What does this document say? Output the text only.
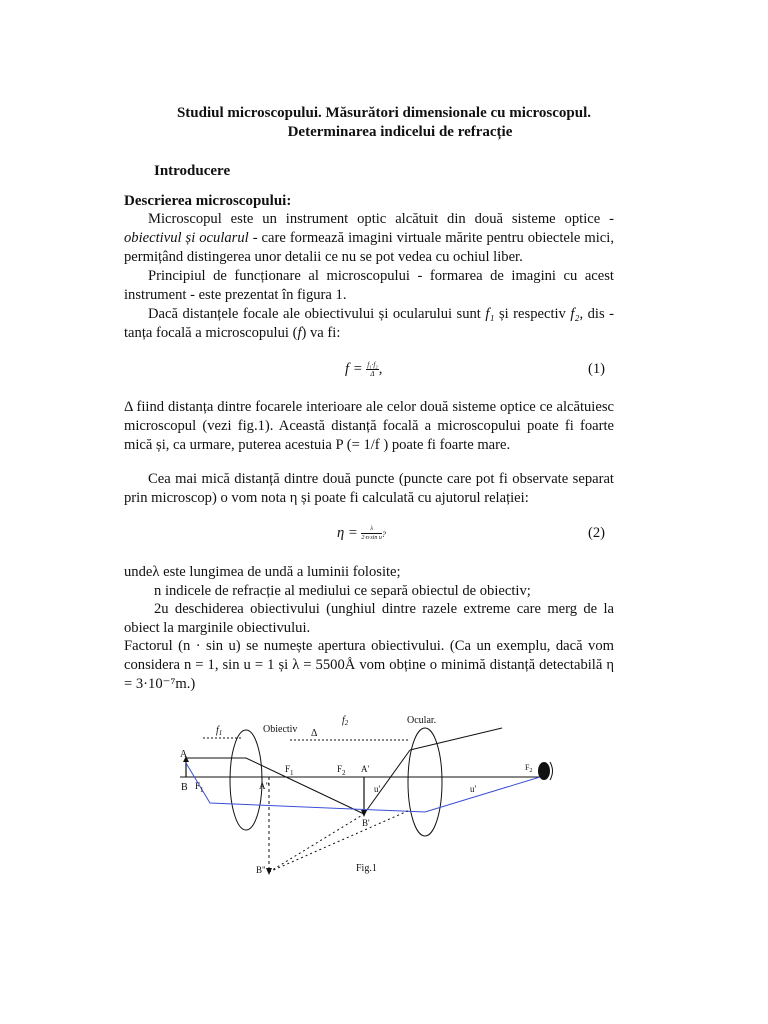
Studiul microscopului. Măsurători dimensionale cu microscopul.
Determinarea indicelui de refracție
Introducere
Descrierea microscopului:
Microscopul este un instrument optic alcătuit din două sisteme optice - obiectivul și ocularul - care formează imagini virtuale mărite pentru obiectele mici, permițând distingerea unor detalii ce nu se pot vedea cu ochiul liber.
Principiul de funcționare al microscopului - formarea de imagini cu acest instrument - este prezentat în figura 1.
Dacă distanțele focale ale obiectivului și ocularului sunt f₁ și respectiv f₂, dis - tanța focală a microscopului (f) va fi:
$f = \frac{\text{f₁·f₂}}{\Delta}$ ,	(1)
Δ fiind distanța dintre focarele interioare ale celor două sisteme optice ce alcătuiesc microscopul (vezi fig.1). Această distanță focală a microscopului poate fi foarte mică și, ca urmare, puterea acestuia P (= 1/f ) poate fi foarte mare.
Cea mai mică distanță dintre două puncte (puncte care pot fi observate separat prin microscop) o vom nota η și poate fi calculată cu ajutorul relației:
$\eta = \frac{\lambda}{\text{2·n·sin u}}$ ?	(2)
undeλ este lungimea de undă a luminii folosite;
n indicele de refracție al mediului ce separă obiectul de obiectiv;
2u deschiderea obiectivului (unghiul dintre razele extreme care merg de la obiect la marginile obiectivului.
Factorul (n · sin u) se numește apertura obiectivului. (Ca un exemplu, dacă vom considera n = 1, sin u = 1 și λ = 5500Å vom obține o minimă distanță detectabilă η = 3·10⁻⁷m.)
Obiectiv
Ocular.
$f_1$
$f_2$
Δ
A
B $F_1$	A"
$F_1$	$F_2$ A'
B'
B"
u'	u'
$F_2$
Fig.1
